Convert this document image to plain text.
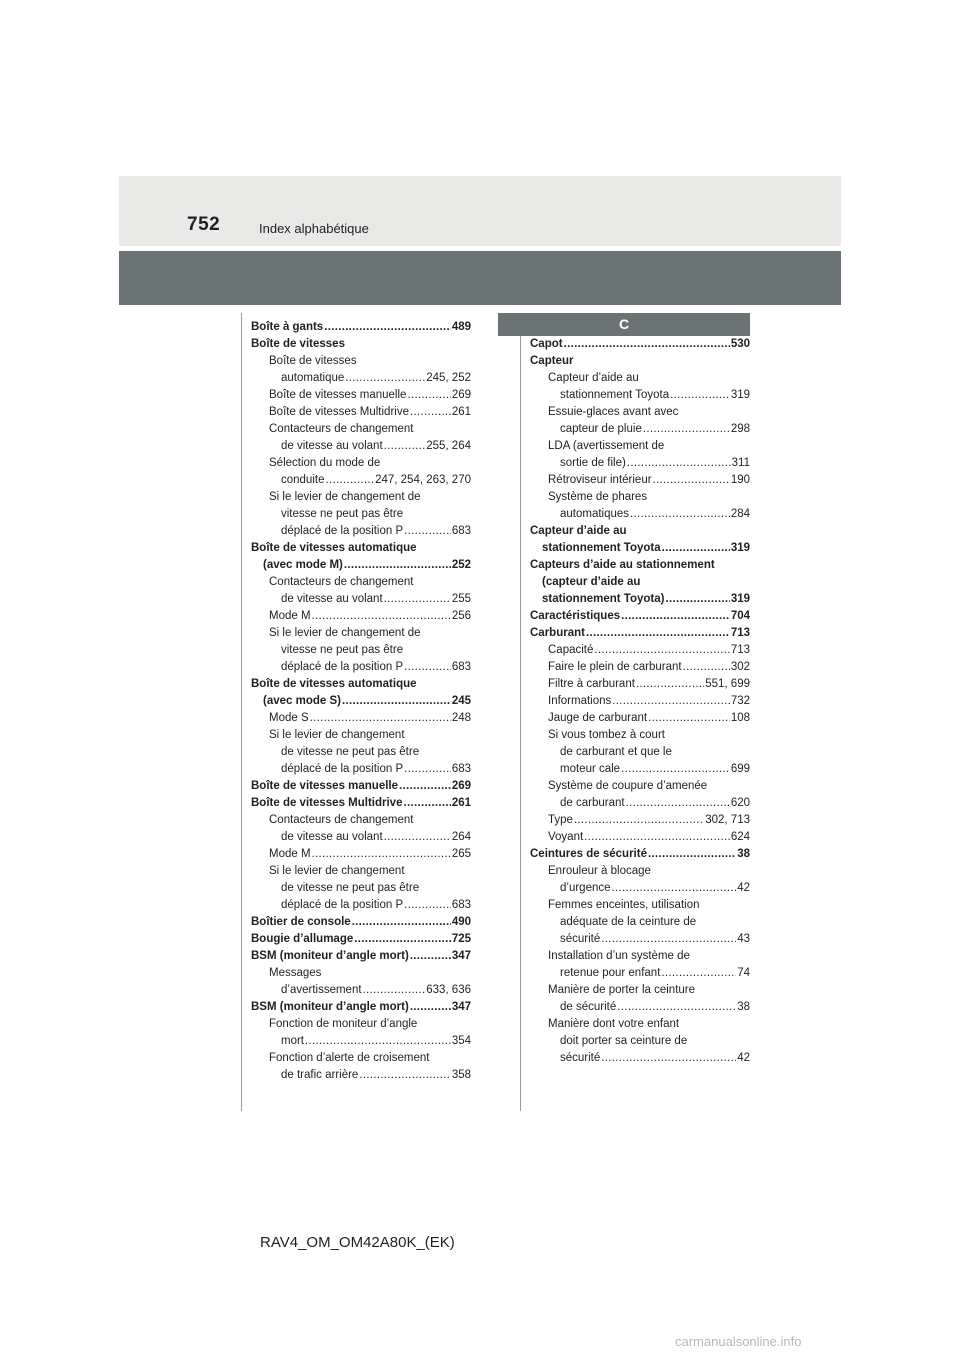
752	Index alphabétique
C
Boîte à gants .....	489
Boîte de vitesses
Boîte de vitesses
automatique .....	245, 252
Boîte de vitesses manuelle .....	269
Boîte de vitesses Multidrive .....	261
Contacteurs de changement
de vitesse au volant .....	255, 264
Sélection du mode de
conduite .....	247, 254, 263, 270
Si le levier de changement de
vitesse ne peut pas être
déplacé de la position P .....	683
Boîte de vitesses automatique
(avec mode M) .....	252
Contacteurs de changement
de vitesse au volant .....	255
Mode M .....	256
Si le levier de changement de
vitesse ne peut pas être
déplacé de la position P .....	683
Boîte de vitesses automatique
(avec mode S) .....	245
Mode S .....	248
Si le levier de changement
de vitesse ne peut pas être
déplacé de la position P .....	683
Boîte de vitesses manuelle .....	269
Boîte de vitesses Multidrive .....	261
Contacteurs de changement
de vitesse au volant .....	264
Mode M .....	265
Si le levier de changement
de vitesse ne peut pas être
déplacé de la position P .....	683
Boîtier de console .....	490
Bougie d’allumage .....	725
BSM (moniteur d’angle mort) .....	347
Messages
d’avertissement .....	633, 636
BSM (moniteur d’angle mort) .....	347
Fonction de moniteur d’angle
mort .....	354
Fonction d’alerte de croisement
de trafic arrière .....	358
Capot .....	530
Capteur
Capteur d’aide au
stationnement Toyota .....	319
Essuie-glaces avant avec
capteur de pluie .....	298
LDA (avertissement de
sortie de file) .....	311
Rétroviseur intérieur .....	190
Système de phares
automatiques .....	284
Capteur d’aide au
stationnement Toyota .....	319
Capteurs d’aide au stationnement
(capteur d’aide au
stationnement Toyota) .....	319
Caractéristiques .....	704
Carburant .....	713
Capacité .....	713
Faire le plein de carburant .....	302
Filtre à carburant .....	551, 699
Informations .....	732
Jauge de carburant .....	108
Si vous tombez à court
de carburant et que le
moteur cale .....	699
Système de coupure d’amenée
de carburant .....	620
Type .....	302, 713
Voyant .....	624
Ceintures de sécurité .....	38
Enrouleur à blocage
d’urgence .....	42
Femmes enceintes, utilisation
adéquate de la ceinture de
sécurité .....	43
Installation d’un système de
retenue pour enfant .....	74
Manière de porter la ceinture
de sécurité .....	38
Manière dont votre enfant
doit porter sa ceinture de
sécurité .....	42
RAV4_OM_OM42A80K_(EK)
carmanualsonline.info
